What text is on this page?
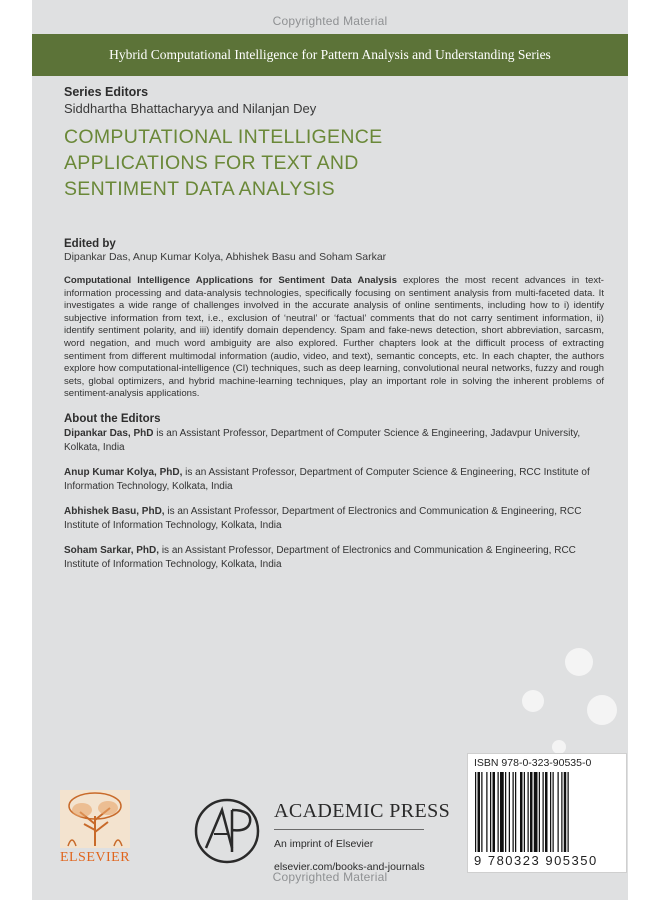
Copyrighted Material
Hybrid Computational Intelligence for Pattern Analysis and Understanding Series
Series Editors
Siddhartha Bhattacharyya and Nilanjan Dey
COMPUTATIONAL INTELLIGENCE
APPLICATIONS FOR TEXT AND
SENTIMENT DATA ANALYSIS
Edited by
Dipankar Das, Anup Kumar Kolya, Abhishek Basu and Soham Sarkar
Computational Intelligence Applications for Sentiment Data Analysis explores the most recent advances in text-information processing and data-analysis technologies, specifically focusing on sentiment analysis from multi-faceted data. It investigates a wide range of challenges involved in the accurate analysis of online sentiments, including how to i) identify subjective information from text, i.e., exclusion of ‘neutral’ or ‘factual’ comments that do not carry sentiment information, ii) identify sentiment polarity, and iii) identify domain dependency. Spam and fake-news detection, short abbreviation, sarcasm, word negation, and much word ambiguity are also explored. Further chapters look at the difficult process of extracting sentiment from different multimodal information (audio, video, and text), semantic concepts, etc. In each chapter, the authors explore how computational-intelligence (CI) techniques, such as deep learning, convolutional neural networks, fuzzy and rough sets, global optimizers, and hybrid machine-learning techniques, play an important role in solving the inherent problems of sentiment-analysis applications.
About the Editors
Dipankar Das, PhD is an Assistant Professor, Department of Computer Science & Engineering, Jadavpur University, Kolkata, India
Anup Kumar Kolya, PhD, is an Assistant Professor, Department of Computer Science & Engineering, RCC Institute of Information Technology, Kolkata, India
Abhishek Basu, PhD, is an Assistant Professor, Department of Electronics and Communication & Engineering, RCC Institute of Information Technology, Kolkata, India
Soham Sarkar, PhD, is an Assistant Professor, Department of Electronics and Communication & Engineering, RCC Institute of Information Technology, Kolkata, India
ELSEVIER
ACADEMIC PRESS
An imprint of Elsevier
elsevier.com/books-and-journals
ISBN 978-0-323-90535-0
9 780323 905350
Copyrighted Material
